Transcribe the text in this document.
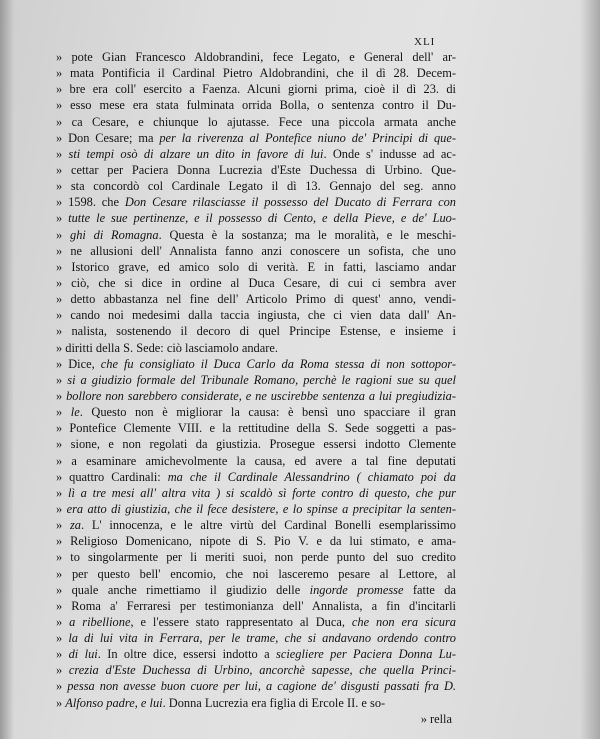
XLI
» pote Gian Francesco Aldobrandini, fece Legato, e General dell' ar-
» mata Pontificia il Cardinal Pietro Aldobrandini, che il dì 28. Decem-
» bre era coll' esercito a Faenza. Alcuni giorni prima, cioè il dì 23. di
» esso mese era stata fulminata orrida Bolla, o sentenza contro il Du-
» ca Cesare, e chiunque lo ajutasse. Fece una piccola armata anche
» Don Cesare; ma per la riverenza al Pontefice niuno de' Principi di que-
» sti tempi osò di alzare un dito in favore di lui. Onde s' indusse ad ac-
» cettar per Paciera Donna Lucrezia d'Este Duchessa di Urbino. Que-
» sta concordò col Cardinale Legato il dì 13. Gennajo del seg. anno
» 1598. che Don Cesare rilasciasse il possesso del Ducato di Ferrara con
» tutte le sue pertinenze, e il possesso di Cento, e della Pieve, e de' Luo-
» ghi di Romagna. Questa è la sostanza; ma le moralità, e le meschi-
» ne allusioni dell' Annalista fanno anzi conoscere un sofista, che uno
» Istorico grave, ed amico solo di verità. E in fatti, lasciamo andar
» ciò, che si dice in ordine al Duca Cesare, di cui ci sembra aver
» detto abbastanza nel fine dell' Articolo Primo di quest' anno, vendi-
» cando noi medesimi dalla taccia ingiusta, che ci vien data dall' An-
» nalista, sostenendo il decoro di quel Principe Estense, e insieme i
» diritti della S. Sede: ciò lasciamolo andare.
» Dice, che fu consigliato il Duca Carlo da Roma stessa di non sottopor-
» si a giudizio formale del Tribunale Romano, perchè le ragioni sue su quel
» bollore non sarebbero considerate, e ne uscirebbe sentenza a lui pregiudizia-
» le. Questo non è migliorar la causa: è bensì uno spacciare il gran
» Pontefice Clemente VIII. e la rettitudine della S. Sede soggetti a pas-
» sione, e non regolati da giustizia. Prosegue essersi indotto Clemente
» a esaminare amichevolmente la causa, ed avere a tal fine deputati
» quattro Cardinali: ma che il Cardinale Alessandrino ( chiamato poi da
» lì a tre mesi all' altra vita ) si scaldò sì forte contro di questo, che pur
» era atto di giustizia, che il fece desistere, e lo spinse a precipitar la senten-
» za. L' innocenza, e le altre virtù del Cardinal Bonelli esemplarissimo
» Religioso Domenicano, nipote di S. Pio V. e da lui stimato, e ama-
» to singolarmente per li meriti suoi, non perde punto del suo credito
» per questo bell' encomio, che noi lasceremo pesare al Lettore, al
» quale anche rimettiamo il giudizio delle ingorde promesse fatte da
» Roma a' Ferraresi per testimonianza dell' Annalista, a fin d'incitarli
» a ribellione, e l'essere stato rappresentato al Duca, che non era sicura
» la di lui vita in Ferrara, per le trame, che si andavano ordendo contro
» di lui. In oltre dice, essersi indotto a sciegliere per Paciera Donna Lu-
» crezia d'Este Duchessa di Urbino, ancorchè sapesse, che quella Princi-
» pessa non avesse buon cuore per lui, a cagione de' disgusti passati fra D.
» Alfonso padre, e lui. Donna Lucrezia era figlia di Ercole II. e so-
» rella
